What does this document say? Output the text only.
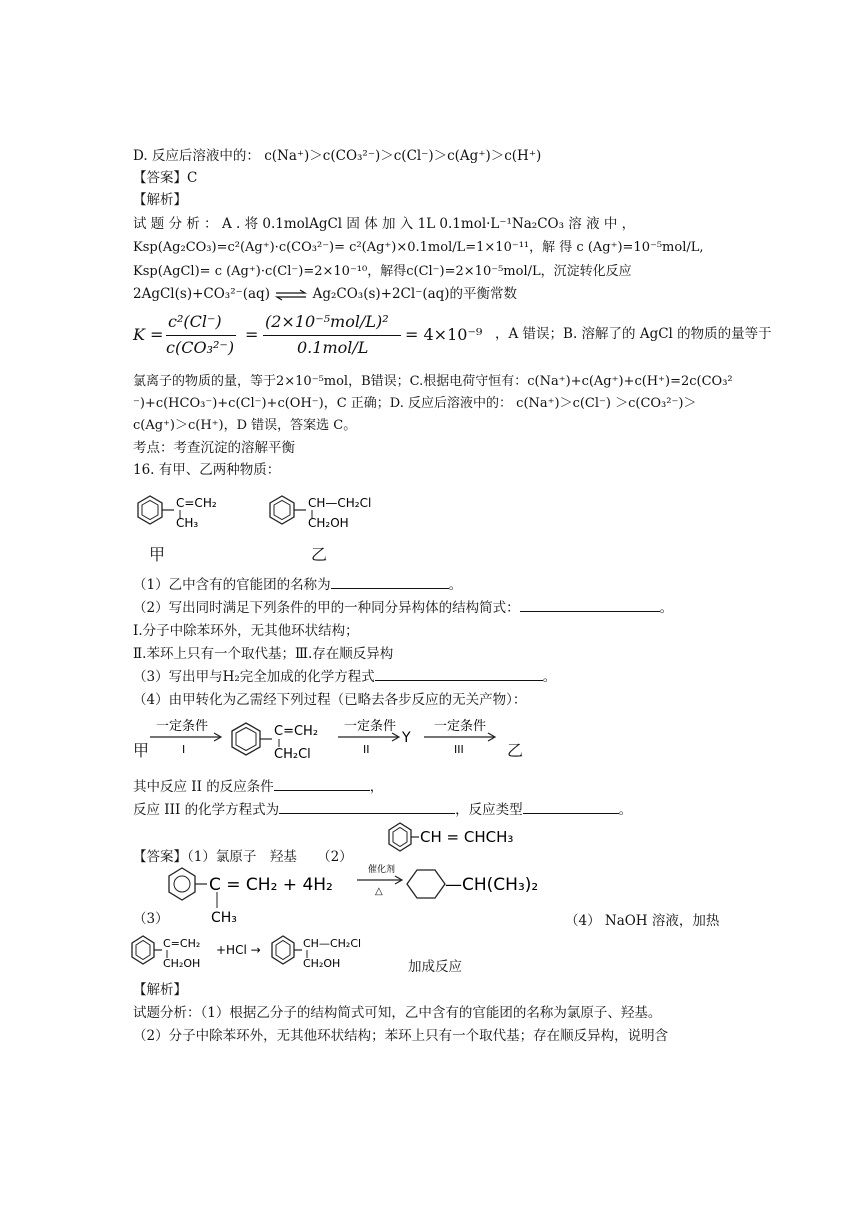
D. 反应后溶液中的： c(Na⁺)＞c(CO₃²⁻)＞c(Cl⁻)＞c(Ag⁺)＞c(H⁺)
【答案】C
【解析】
试 题 分 析 ： A . 将 0.1molAgCl 固 体 加 入 1L 0.1mol·L⁻¹Na₂CO₃ 溶 液 中 ，
Ksp(Ag₂CO₃)=c²(Ag⁺)·c(CO₃²⁻)= c²(Ag⁺)×0.1mol/L=1×10⁻¹¹，解 得 c (Ag⁺)=10⁻⁵mol/L,
Ksp(AgCl)= c (Ag⁺)·c(Cl⁻)=2×10⁻¹⁰，解得c(Cl⁻)=2×10⁻⁵mol/L，沉淀转化反应
2AgCl(s)+CO₃²⁻(aq) ⇌ Ag₂CO₃(s)+2Cl⁻(aq)的平衡常数
K =
c²(Cl⁻)
c(CO₃²⁻)
=
(2×10⁻⁵mol/L)²
0.1mol/L
= 4×10⁻⁹ ，A 错误；B. 溶解了的 AgCl 的物质的量等于
氯离子的物质的量，等于2×10⁻⁵mol，B错误；C.根据电荷守恒有：c(Na⁺)+c(Ag⁺)+c(H⁺)=2c(CO₃²
⁻)+c(HCO₃⁻)+c(Cl⁻)+c(OH⁻)，C 正确；D. 反应后溶液中的： c(Na⁺)＞c(Cl⁻) ＞c(CO₃²⁻)＞
c(Ag⁺)＞c(H⁺)，D 错误，答案选 C。
考点：考查沉淀的溶解平衡
16. 有甲、乙两种物质：
C=CH₂
CH₃
甲
CH—CH₂Cl
CH₂OH
乙
（1）乙中含有的官能团的名称为	。
（2）写出同时满足下列条件的甲的一种同分异构体的结构简式：	。
Ⅰ.分子中除苯环外，无其他环状结构；
Ⅱ.苯环上只有一个取代基；Ⅲ.存在顺反异构
（3）写出甲与H₂完全加成的化学方程式	。
（4）由甲转化为乙需经下列过程（已略去各步反应的无关产物）：
甲
一定条件
I
C=CH₂
CH₂Cl
一定条件
II
Y
一定条件
III	乙
其中反应 II 的反应条件	，
反应 III 的化学方程式为	，反应类型	。
【答案】（1）氯原子　羟基　　（2）
CH = CHCH₃
C = CH₂ + 4H₂
CH₃
催化剂
△	—CH(CH₃)₂
（3）	（4） NaOH 溶液，加热
C=CH₂
CH₂OH
+HCl →	CH—CH₂Cl
CH₂OH	加成反应
【解析】
试题分析：（1）根据乙分子的结构简式可知，乙中含有的官能团的名称为氯原子、羟基。
（2）分子中除苯环外，无其他环状结构；苯环上只有一个取代基；存在顺反异构，说明含
